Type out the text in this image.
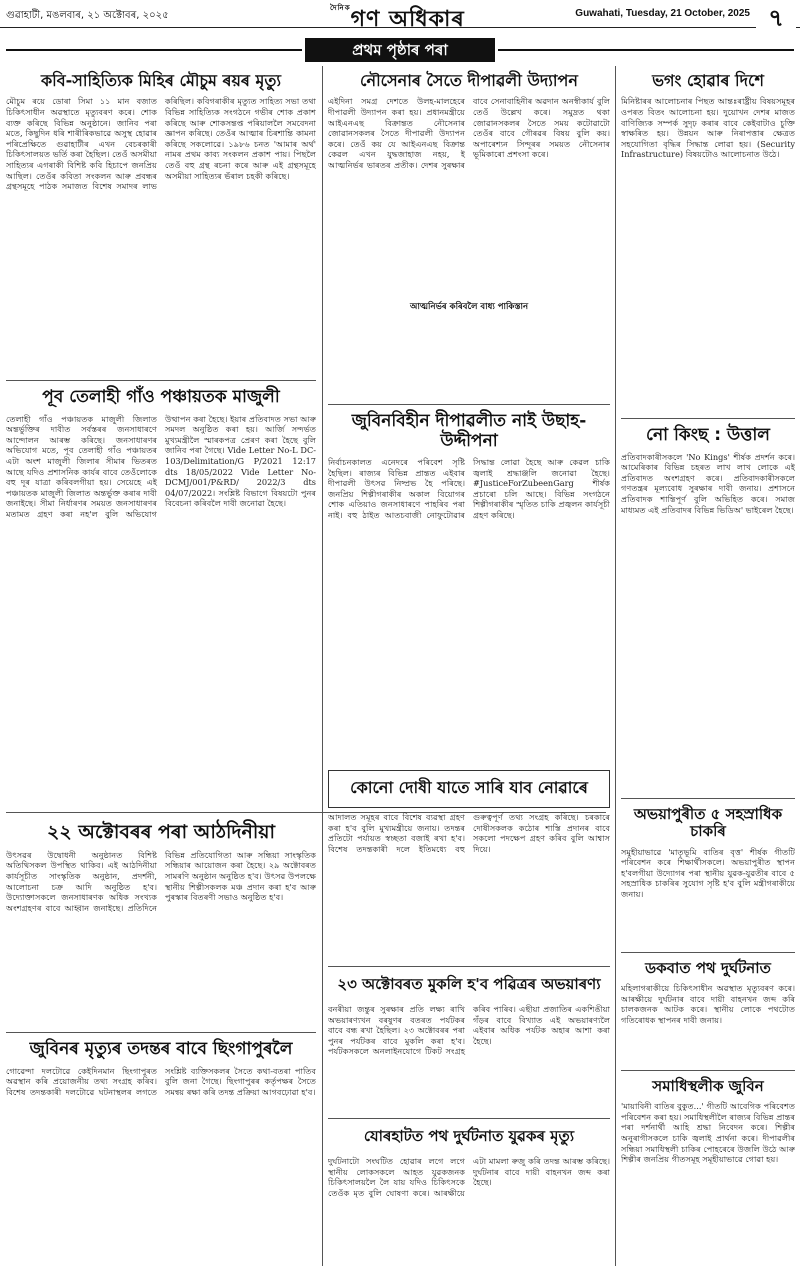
গুৱাহাটী, মঙলবাৰ, ২১ অক্টোবৰ, ২০২৫
$^{দৈনিক}$গণ অধিকাৰ	Guwahati, Tuesday, 21 October, 2025 ৭
প্ৰথম পৃষ্ঠাৰ পৰা
কবি-সাহিত্যিক মিহিৰ মৌচুম ৰয়ৰ মৃত্যু
মৌচুম ৰয়ে ডোৰা সিমা ১১ মান বজাত চিকিৎসাধীন অৱস্থাতে মৃত্যুবৰণ কৰে। শোক ব্যক্ত কৰিছে বিভিন্ন অনুষ্ঠানে। জানিব পৰা মতে, কিছুদিন ধৰি শাৰীৰিকভাৱে অসুস্থ হোৱাৰ পৰিপ্ৰেক্ষিতে গুৱাহাটীৰ এখন বেচৰকাৰী চিকিৎসালয়ত ভৰ্তি কৰা হৈছিল। তেওঁ অসমীয়া সাহিত্যৰ এগৰাকী বিশিষ্ট কবি হিচাপে জনপ্ৰিয় আছিল। তেওঁৰ কবিতা সংকলন আৰু প্ৰবন্ধৰ গ্ৰন্থসমূহে পাঠক সমাজত বিশেষ সমাদৰ লাভ কৰিছিল। কবিগৰাকীৰ মৃত্যুত সাহিত্য সভা তথা বিভিন্ন সাহিত্যিক সংগঠনে গভীৰ শোক প্ৰকাশ কৰিছে আৰু শোকসন্তপ্ত পৰিয়াললৈ সমবেদনা জ্ঞাপন কৰিছে। তেওঁৰ আত্মাৰ চিৰশান্তি কামনা কৰিছে সকলোৱে। ১৯৮৬ চনত 'আমাৰ অৰ্থ' নামৰ প্ৰথম কাব্য সংকলন প্ৰকাশ পায়। পিছলৈ তেওঁ বহু গ্ৰন্থ ৰচনা কৰে আৰু এই গ্ৰন্থসমূহে অসমীয়া সাহিত্যৰ ভঁৰাল চহকী কৰিছে।
পূব তেলাহী গাঁও পঞ্চায়তক মাজুলী
তেলাহী গাঁও পঞ্চায়তক মাজুলী জিলাত অন্তৰ্ভুক্তিৰ দাবীত সৰ্বস্তৰৰ জনসাধাৰণে আন্দোলন আৰম্ভ কৰিছে। জনসাধাৰণৰ অভিযোগ মতে, পূব তেলাহী গাঁও পঞ্চায়তৰ এটা অংশ মাজুলী জিলাৰ সীমাৰ ভিতৰত আছে যদিও প্ৰশাসনিক কাৰ্যৰ বাবে তেওঁলোকে বহু দূৰ যাত্ৰা কৰিবলগীয়া হয়। সেয়েহে এই পঞ্চায়তক মাজুলী জিলাত অন্তৰ্ভুক্ত কৰাৰ দাবী জনাইছে। সীমা নিৰ্ধাৰণৰ সময়ত জনসাধাৰণৰ মতামত গ্ৰহণ কৰা নহ'ল বুলি অভিযোগ উত্থাপন কৰা হৈছে। ইয়াৰ প্ৰতিবাদত সভা আৰু সমদল অনুষ্ঠিত কৰা হয়। আৰ্জি সন্দৰ্ভত মুখ্যমন্ত্ৰীলৈ স্মাৰকপত্ৰ প্ৰেৰণ কৰা হৈছে বুলি জানিব পৰা গৈছে। Vide Letter No-L DC-103/Delimitation/G P/2021 12:17 dts 18/05/2022 Vide Letter No- DCMJ/001/P&RD/ 2022/3 dts 04/07/2022। সংশ্লিষ্ট বিভাগে বিষয়টো পুনৰ বিবেচনা কৰিবলৈ দাবী জনোৱা হৈছে।
২২ অক্টোবৰৰ পৰা আঠদিনীয়া
উৎসৱৰ উদ্বোধনী অনুষ্ঠানত বিশিষ্ট অতিথিসকল উপস্থিত থাকিব। এই আঠদিনীয়া কাৰ্যসূচীত সাংস্কৃতিক অনুষ্ঠান, প্ৰদৰ্শনী, আলোচনা চক্ৰ আদি অনুষ্ঠিত হ'ব। উদ্যোক্তাসকলে জনসাধাৰণক অধিক সংখ্যক অংশগ্ৰহণৰ বাবে আহ্বান জনাইছে। প্ৰতিদিনে বিভিন্ন প্ৰতিযোগিতা আৰু সন্ধিয়া সাংস্কৃতিক সন্ধিয়াৰ আয়োজন কৰা হৈছে। ২৯ অক্টোবৰত সামৰণি অনুষ্ঠান অনুষ্ঠিত হ'ব। উৎসৱ উপলক্ষে স্থানীয় শিল্পীসকলক মঞ্চ প্ৰদান কৰা হ'ব আৰু পুৰস্কাৰ বিতৰণী সভাও অনুষ্ঠিত হ'ব।
জুবিনৰ মৃত্যুৰ তদন্তৰ বাবে ছিংগাপুৰলৈ
গোৱেন্দা দলটোৱে কেইদিনমান ছিংগাপুৰত অৱস্থান কৰি প্ৰয়োজনীয় তথ্য সংগ্ৰহ কৰিব। বিশেষ তদন্তকাৰী দলটোৱে ঘটনাস্থলৰ লগতে সংশ্লিষ্ট ব্যক্তিসকলৰ সৈতে কথা-বতৰা পাতিব বুলি জনা গৈছে। ছিংগাপুৰৰ কৰ্তৃপক্ষৰ সৈতে সমন্বয় ৰক্ষা কৰি তদন্ত প্ৰক্ৰিয়া আগবঢ়োৱা হ'ব।
নৌসেনাৰ সৈতে দীপাৱলী উদ্যাপন
এইদিনা সমগ্ৰ দেশতে উলহ-মালহেৰে দীপাৱলী উদ্যাপন কৰা হয়। প্ৰধানমন্ত্ৰীয়ে আইএনএছ বিক্ৰান্তত নৌসেনাৰ জোৱানসকলৰ সৈতে দীপাৱলী উদ্যাপন কৰে। তেওঁ কয় যে আইএনএছ বিক্ৰান্ত কেৱল এখন যুদ্ধজাহাজ নহয়, ই আত্মনিৰ্ভৰ ভাৰতৰ প্ৰতীক। দেশৰ সুৰক্ষাৰ বাবে সেনাবাহিনীৰ অৱদান অনস্বীকাৰ্য বুলি তেওঁ উল্লেখ কৰে। সমুদ্ৰত থকা জোৱানসকলৰ সৈতে সময় কটোৱাটো তেওঁৰ বাবে গৌৰৱৰ বিষয় বুলি কয়। অপাৰেশ্যন সিন্দূৰৰ সময়ত নৌসেনাৰ ভূমিকাৰো প্ৰশংসা কৰে।
আত্মনিৰ্ভৰ কৰিবলৈ বাধ্য পাকিস্তান
জুবিনবিহীন দীপাৱলীত নাই উছাহ-উদ্দীপনা
নিৰ্বাচনকালত এনেদৰে পৰিবেশ সৃষ্টি হৈছিল। ৰাজ্যৰ বিভিন্ন প্ৰান্তত এইবাৰ দীপাৱলী উৎসৱ নিষ্প্ৰভ হৈ পৰিছে। জনপ্ৰিয় শিল্পীগৰাকীৰ অকাল বিয়োগৰ শোক এতিয়াও জনসাধাৰণে পাহৰিব পৰা নাই। বহু ঠাইত আতচবাজী নোফুটোৱাৰ সিদ্ধান্ত লোৱা হৈছে আৰু কেৱল চাকি জ্বলাই শ্ৰদ্ধাঞ্জলি জনোৱা হৈছে। #JusticeForZubeenGarg শীৰ্ষক প্ৰচাৰো চলি আছে। বিভিন্ন সংগঠনে শিল্পীগৰাকীৰ স্মৃতিত চাকি প্ৰজ্বলন কাৰ্যসূচী গ্ৰহণ কৰিছে।
কোনো দোষী যাতে সাৰি যাব নোৱাৰে
ভগং হোৱাৰ দিশে
মিনিষ্টাৰৰ আলোচনাৰ পিছত আন্তঃৰাষ্ট্ৰীয় বিষয়সমূহৰ ওপৰত বিতং আলোচনা হয়। দুয়োখন দেশৰ মাজত বাণিজ্যিক সম্পৰ্ক সুদৃঢ় কৰাৰ বাবে কেইবাটাও চুক্তি স্বাক্ষৰিত হয়। উন্নয়ন আৰু নিৰাপত্তাৰ ক্ষেত্ৰত সহযোগিতা বৃদ্ধিৰ সিদ্ধান্ত লোৱা হয়। (Security Infrastructure) বিষয়টোও আলোচনাত উঠে।
নো কিংছ : উত্তাল
প্ৰতিবাদকাৰীসকলে 'No Kings' শীৰ্ষক প্ৰদৰ্শন কৰে। আমেৰিকাৰ বিভিন্ন চহৰত লাখ লাখ লোকে এই প্ৰতিবাদত অংশগ্ৰহণ কৰে। প্ৰতিবাদকাৰীসকলে গণতন্ত্ৰৰ মূল্যবোধ সুৰক্ষাৰ দাবী জনায়। প্ৰশাসনে প্ৰতিবাদক শান্তিপূৰ্ণ বুলি অভিহিত কৰে। সমাজ মাধ্যমত এই প্ৰতিবাদৰ বিভিন্ন ভিডিঅ' ভাইৰেল হৈছে।
অভয়াপুৰীত ৫ সহস্ৰাধিক চাকৰি
সমুহীয়াভাৱে 'মাতৃভূমি বাতিৰ বৃত্ত' শীৰ্ষক গীতটি পৰিবেশন কৰে শিক্ষাৰ্থীসকলে। অভয়াপুৰীত স্থাপন হ'বলগীয়া উদ্যোগৰ পৰা স্থানীয় যুৱক-যুৱতীৰ বাবে ৫ সহস্ৰাধিক চাকৰিৰ সুযোগ সৃষ্টি হ'ব বুলি মন্ত্ৰীগৰাকীয়ে জনায়।
ডকবাত পথ দুৰ্ঘটনাত
মহিলাগৰাকীয়ে চিকিৎসাধীন অৱস্থাত মৃত্যুবৰণ কৰে। আৰক্ষীয়ে দুৰ্ঘটনাৰ বাবে দায়ী বাহনখন জব্দ কৰি চালকজনক আটক কৰে। স্থানীয় লোকে পথটোত গতিৰোধক স্থাপনৰ দাবী জনায়।
সমাধিস্থলীক জুবিন
'মায়াবিনী বাতিৰ বুকুত...' গীতটি আবেগিক পৰিবেশত পৰিবেশন কৰা হয়। সমাধিস্থলীলৈ ৰাজ্যৰ বিভিন্ন প্ৰান্তৰ পৰা দৰ্শনাৰ্থী আহি শ্ৰদ্ধা নিবেদন কৰে। শিল্পীৰ অনুৰাগীসকলে চাকি জ্বলাই প্ৰাৰ্থনা কৰে। দীপাৱলীৰ সন্ধিয়া সমাধিস্থলী চাকিৰ পোহৰেৰে উজলি উঠে আৰু শিল্পীৰ জনপ্ৰিয় গীতসমূহ সমূহীয়াভাৱে গোৱা হয়।
আদালত সমূহৰ বাবে বিশেষ ব্যৱস্থা গ্ৰহণ কৰা হ'ব বুলি মুখ্যমন্ত্ৰীয়ে জনায়। তদন্তৰ প্ৰতিটো পৰ্যায়ত স্বচ্ছতা বজাই ৰখা হ'ব। বিশেষ তদন্তকাৰী দলে ইতিমধ্যে বহু গুৰুত্বপূৰ্ণ তথ্য সংগ্ৰহ কৰিছে। চৰকাৰে দোষীসকলক কঠোৰ শাস্তি প্ৰদানৰ বাবে সকলো পদক্ষেপ গ্ৰহণ কৰিব বুলি আশ্বাস দিয়ে।
২৩ অক্টোবৰত মুকলি হ'ব পৱিত্ৰৰ অভয়াৰণ্য
বনৰীয়া জন্তুৰ সুৰক্ষাৰ প্ৰতি লক্ষ্য ৰাখি অভয়াৰণ্যখন বৰষুণৰ বতৰত পৰ্যটকৰ বাবে বন্ধ ৰখা হৈছিল। ২৩ অক্টোবৰৰ পৰা পুনৰ পৰ্যটকৰ বাবে মুকলি কৰা হ'ব। পৰ্যটকসকলে অনলাইনযোগে টিকট সংগ্ৰহ কৰিব পাৰিব। এছীয়া প্ৰজাতিৰ একশিঙীয়া গঁড়ৰ বাবে বিখ্যাত এই অভয়াৰণ্যলৈ এইবাৰ অধিক পৰ্যটক অহাৰ আশা কৰা হৈছে।
যোৰহাটত পথ দুৰ্ঘটনাত যুৱকৰ মৃত্যু
দুৰ্ঘটনাটো সংঘটিত হোৱাৰ লগে লগে স্থানীয় লোকসকলে আহত যুৱকজনক চিকিৎসালয়লৈ লৈ যায় যদিও চিকিৎসকে তেওঁক মৃত বুলি ঘোষণা কৰে। আৰক্ষীয়ে এটা মামলা ৰুজু কৰি তদন্ত আৰম্ভ কৰিছে। দুৰ্ঘটনাৰ বাবে দায়ী বাহনখন জব্দ কৰা হৈছে।
